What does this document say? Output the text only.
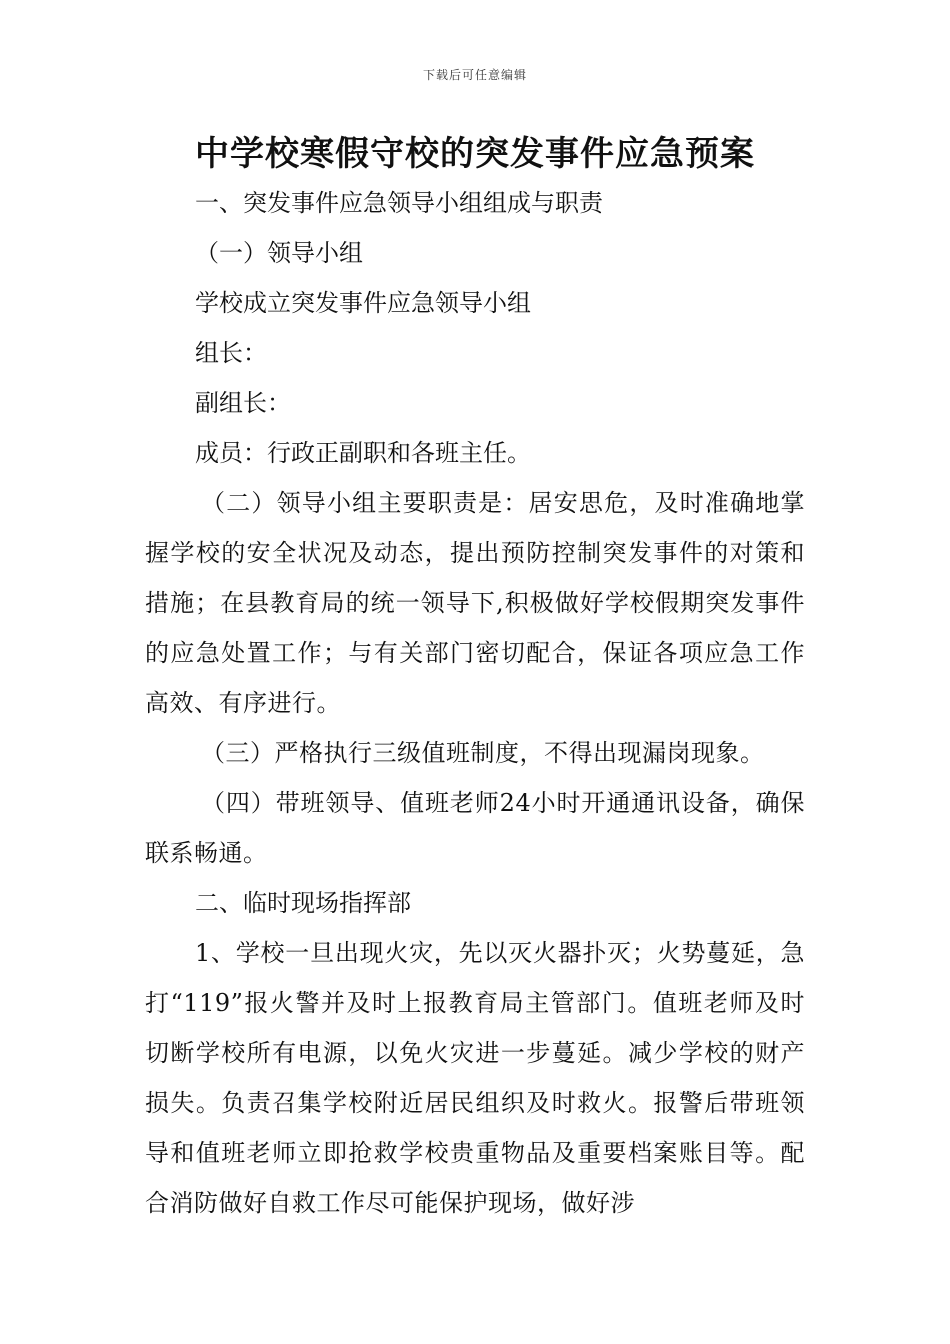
下载后可任意编辑
中学校寒假守校的突发事件应急预案

一、突发事件应急领导小组组成与职责

（一）领导小组

学校成立突发事件应急领导小组

组长：

副组长：

成员：行政正副职和各班主任。

（二）领导小组主要职责是：居安思危，及时准确地掌握学校的安全状况及动态，提出预防控制突发事件的对策和措施；在县教育局的统一领导下,积极做好学校假期突发事件的应急处置工作；与有关部门密切配合，保证各项应急工作高效、有序进行。

（三）严格执行三级值班制度，不得出现漏岗现象。

（四）带班领导、值班老师24小时开通通讯设备，确保联系畅通。

二、临时现场指挥部

1、学校一旦出现火灾，先以灭火器扑灭；火势蔓延，急打“119”报火警并及时上报教育局主管部门。值班老师及时切断学校所有电源，以免火灾进一步蔓延。减少学校的财产损失。负责召集学校附近居民组织及时救火。报警后带班领导和值班老师立即抢救学校贵重物品及重要档案账目等。配合消防做好自救工作尽可能保护现场，做好涉
